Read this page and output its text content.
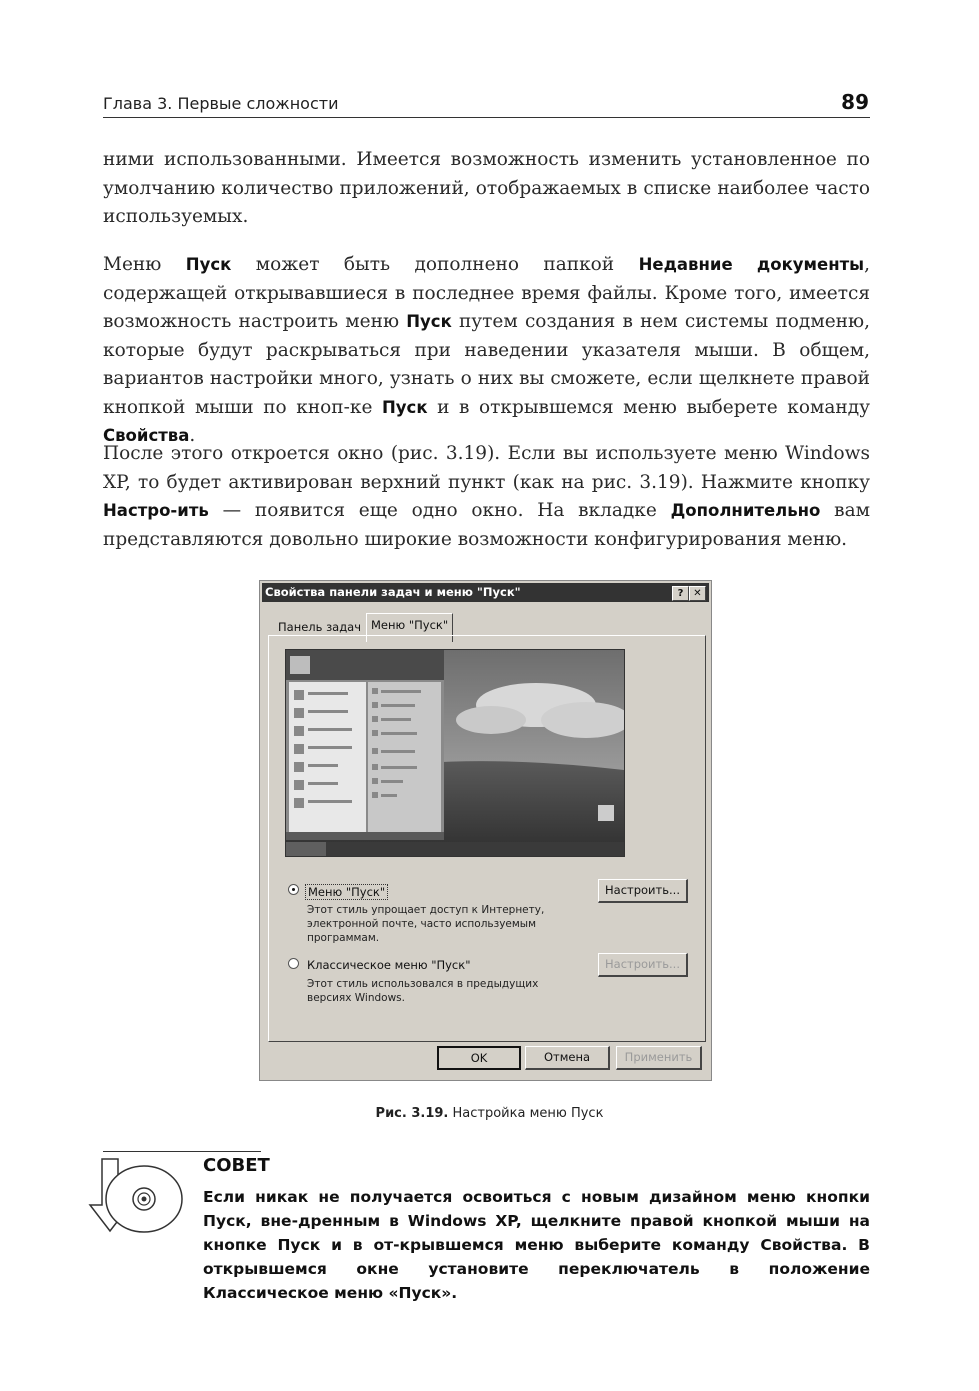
Глава 3. Первые сложности	89

ними использованными. Имеется возможность изменить установленное по умолчанию количество приложений, отображаемых в списке наиболее часто используемых.

Меню Пуск может быть дополнено папкой Недавние документы, содержащей открывавшиеся в последнее время файлы. Кроме того, имеется возможность настроить меню Пуск путем создания в нем системы подменю, которые будут раскрываться при наведении указателя мыши. В общем, вариантов настройки много, узнать о них вы сможете, если щелкнете правой кнопкой мыши по кноп-ке Пуск и в открывшемся меню выберете команду Свойства.

После этого откроется окно (рис. 3.19). Если вы используете меню Windows XP, то будет активирован верхний пункт (как на рис. 3.19). Нажмите кнопку Настро-ить — появится еще одно окно. На вкладке Дополнительно вам представляются довольно широкие возможности конфигурирования меню.

Свойства панели задач и меню "Пуск"	? ✕
Панель задач Меню "Пуск"
Меню "Пуск"
Этот стиль упрощает доступ к Интернету, электронной почте, часто используемым программам.
Настроить...
Классическое меню "Пуск"
Этот стиль использовался в предыдущих версиях Windows.
Настроить...
OK	Отмена	Применить
Рис. 3.19. Настройка меню Пуск
СОВЕТ
Если никак не получается освоиться с новым дизайном меню кнопки Пуск, вне-дренным в Windows XP, щелкните правой кнопкой мыши на кнопке Пуск и в от-крывшемся меню выберите команду Свойства. В открывшемся окне установите переключатель в положение Классическое меню «Пуск».
